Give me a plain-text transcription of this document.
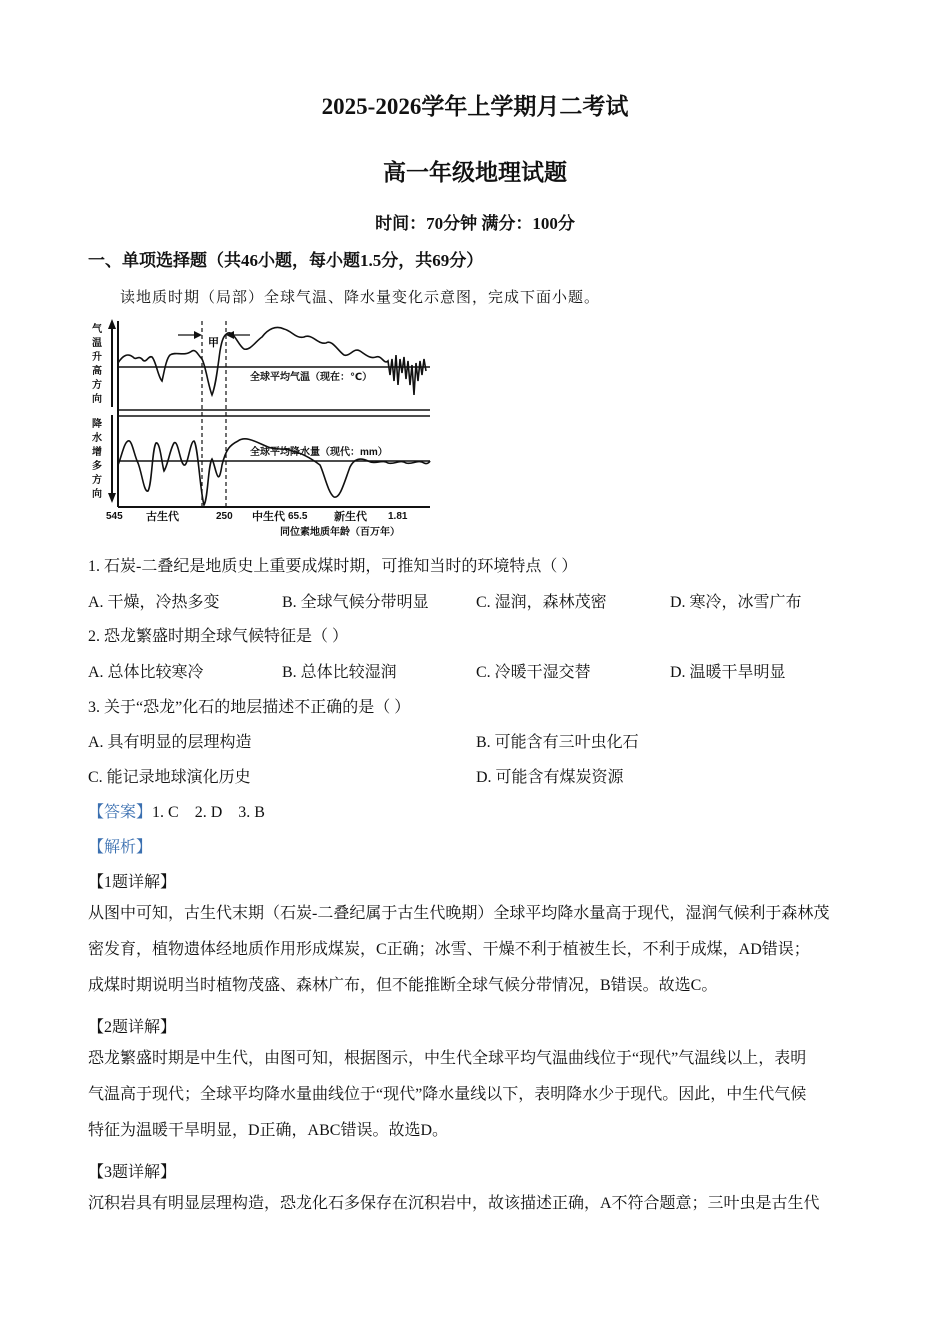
2025-2026学年上学期月二考试
高一年级地理试题
时间：70分钟 满分：100分
一、单项选择题（共46小题，每小题1.5分，共69分）
读地质时期（局部）全球气温、降水量变化示意图，完成下面小题。
气
温
升
高
方
向
降
水
增
多
方
向
甲
全球平均气温（现在：℃）
全球平均降水量（现代：mm）
545	250	65.5	1.81
古生代	中生代	新生代
同位素地质年龄（百万年）
1. 石炭-二叠纪是地质史上重要成煤时期，可推知当时的环境特点（ ）
A. 干燥，冷热多变	B. 全球气候分带明显	C. 湿润，森林茂密	D. 寒冷，冰雪广布
2. 恐龙繁盛时期全球气候特征是（ ）
A. 总体比较寒冷	B. 总体比较湿润	C. 冷暖干湿交替	D. 温暖干旱明显
3. 关于“恐龙”化石的地层描述不正确的是（ ）
A. 具有明显的层理构造	B. 可能含有三叶虫化石
C. 能记录地球演化历史	D. 可能含有煤炭资源
【答案】1. C    2. D    3. B
【解析】
【1题详解】
从图中可知，古生代末期（石炭-二叠纪属于古生代晚期）全球平均降水量高于现代，湿润气候利于森林茂
密发育，植物遗体经地质作用形成煤炭，C正确；冰雪、干燥不利于植被生长，不利于成煤，AD错误；
成煤时期说明当时植物茂盛、森林广布，但不能推断全球气候分带情况，B错误。故选C。
【2题详解】
恐龙繁盛时期是中生代，由图可知，根据图示，中生代全球平均气温曲线位于“现代”气温线以上，表明
气温高于现代；全球平均降水量曲线位于“现代”降水量线以下，表明降水少于现代。因此，中生代气候
特征为温暖干旱明显，D正确，ABC错误。故选D。
【3题详解】
沉积岩具有明显层理构造，恐龙化石多保存在沉积岩中，故该描述正确，A不符合题意；三叶虫是古生代
